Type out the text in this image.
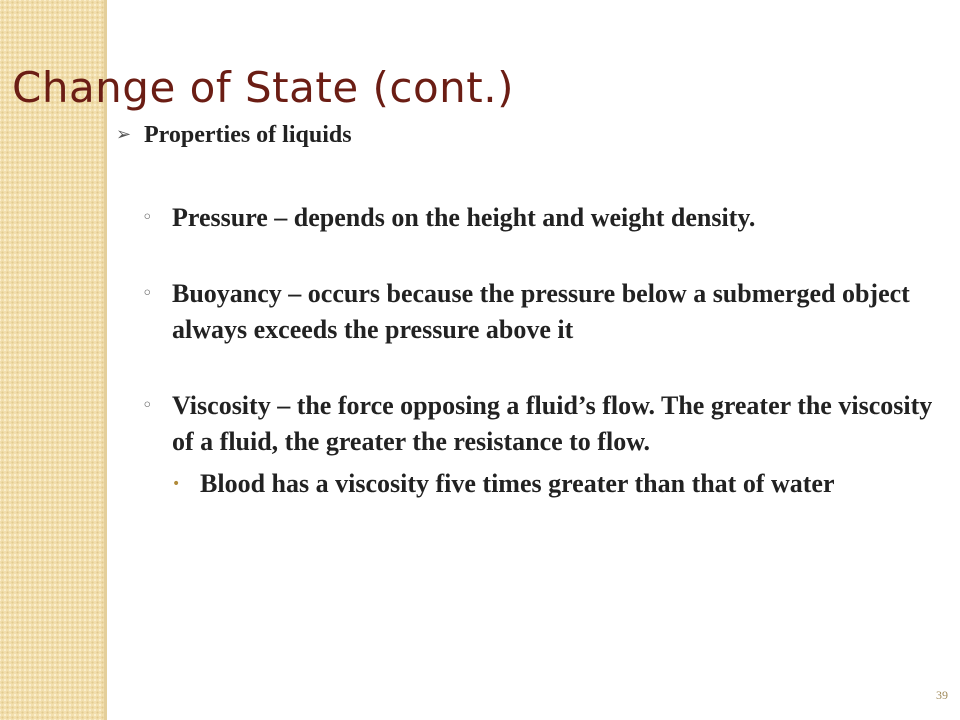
Change of State (cont.)
➢ Properties of liquids
◦ Pressure – depends on the height and weight density.
◦ Buoyancy – occurs because the pressure below a submerged object always exceeds the pressure above it
◦ Viscosity – the force opposing a fluid’s flow. The greater the viscosity of a fluid, the greater the resistance to flow.
• Blood has a viscosity five times greater than that of water
39
